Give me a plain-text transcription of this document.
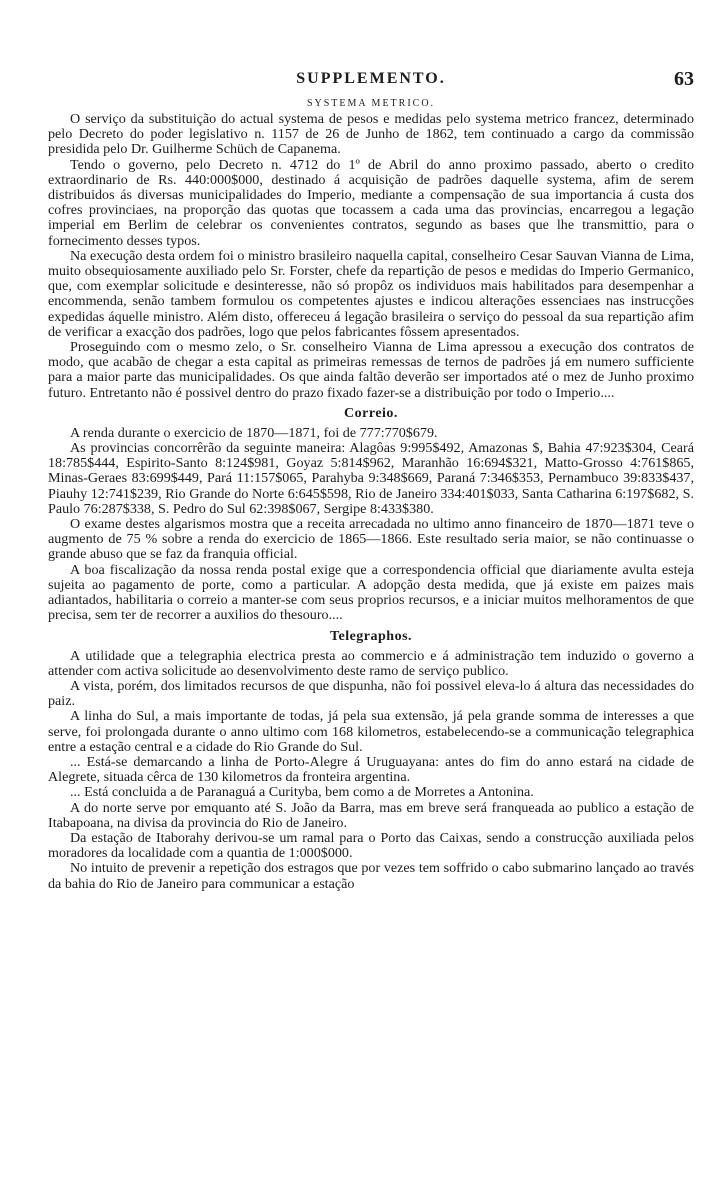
SUPPLEMENTO.	63
SYSTEMA METRICO.

O serviço da substituição do actual systema de pesos e medidas pelo systema metrico francez, determinado pelo Decreto do poder legislativo n. 1157 de 26 de Junho de 1862, tem continuado a cargo da commissão presidida pelo Dr. Guilherme Schüch de Capanema.

Tendo o governo, pelo Decreto n. 4712 do 1º de Abril do anno proximo passado, aberto o credito extraordinario de Rs. 440:000$000, destinado á acquisição de padrões daquelle systema, afim de serem distribuidos ás diversas municipalidades do Imperio, mediante a compensação de sua importancia á custa dos cofres provinciaes, na proporção das quotas que tocassem a cada uma das provincias, encarregou a legação imperial em Berlim de celebrar os convenientes contratos, segundo as bases que lhe transmittio, para o fornecimento desses typos.

Na execução desta ordem foi o ministro brasileiro naquella capital, conselheiro Cesar Sauvan Vianna de Lima, muito obsequiosamente auxiliado pelo Sr. Forster, chefe da repartição de pesos e medidas do Imperio Germanico, que, com exemplar solicitude e desinteresse, não só propôz os individuos mais habilitados para desempenhar a encommenda, senão tambem formulou os competentes ajustes e indicou alterações essenciaes nas instrucções expedidas áquelle ministro. Além disto, offereceu á legação brasileira o serviço do pessoal da sua repartição afim de verificar a exacção dos padrões, logo que pelos fabricantes fôssem apresentados.

Proseguindo com o mesmo zelo, o Sr. conselheiro Vianna de Lima apressou a execução dos contratos de modo, que acabão de chegar a esta capital as primeiras remessas de ternos de padrões já em numero sufficiente para a maior parte das municipalidades. Os que ainda faltão deverão ser importados até o mez de Junho proximo futuro. Entretanto não é possivel dentro do prazo fixado fazer-se a distribuição por todo o Imperio....

Correio.

A renda durante o exercicio de 1870—1871, foi de 777:770$679.

As provincias concorrêrão da seguinte maneira: Alagôas 9:995$492, Amazonas $, Bahia 47:923$304, Ceará 18:785$444, Espirito-Santo 8:124$981, Goyaz 5:814$962, Maranhão 16:694$321, Matto-Grosso 4:761$865, Minas-Geraes 83:699$449, Pará 11:157$065, Parahyba 9:348$669, Paraná 7:346$353, Pernambuco 39:833$437, Piauhy 12:741$239, Rio Grande do Norte 6:645$598, Rio de Janeiro 334:401$033, Santa Catharina 6:197$682, S. Paulo 76:287$338, S. Pedro do Sul 62:398$067, Sergipe 8:433$380.

O exame destes algarismos mostra que a receita arrecadada no ultimo anno financeiro de 1870—1871 teve o augmento de 75 % sobre a renda do exercicio de 1865—1866. Este resultado seria maior, se não continuasse o grande abuso que se faz da franquia official.

A boa fiscalização da nossa renda postal exige que a correspondencia official que diariamente avulta esteja sujeita ao pagamento de porte, como a particular. A adopção desta medida, que já existe em paizes mais adiantados, habilitaria o correio a manter-se com seus proprios recursos, e a iniciar muitos melhoramentos de que precisa, sem ter de recorrer a auxilios do thesouro....

Telegraphos.

A utilidade que a telegraphia electrica presta ao commercio e á administração tem induzido o governo a attender com activa solicitude ao desenvolvimento deste ramo de serviço publico.

A vista, porém, dos limitados recursos de que dispunha, não foi possivel eleva-lo á altura das necessidades do paiz.

A linha do Sul, a mais importante de todas, já pela sua extensão, já pela grande somma de interesses a que serve, foi prolongada durante o anno ultimo com 168 kilometros, estabelecendo-se a communicação telegraphica entre a estação central e a cidade do Rio Grande do Sul.

... Está-se demarcando a linha de Porto-Alegre á Uruguayana: antes do fim do anno estará na cidade de Alegrete, situada cêrca de 130 kilometros da fronteira argentina.

... Está concluida a de Paranaguá a Curityba, bem como a de Morretes a Antonina.

A do norte serve por emquanto até S. João da Barra, mas em breve será franqueada ao publico a estação de Itabapoana, na divisa da provincia do Rio de Janeiro.

Da estação de Itaborahy derivou-se um ramal para o Porto das Caixas, sendo a construcção auxiliada pelos moradores da localidade com a quantia de 1:000$000.

No intuito de prevenir a repetição dos estragos que por vezes tem soffrido o cabo submarino lançado ao través da bahia do Rio de Janeiro para communicar a estação
